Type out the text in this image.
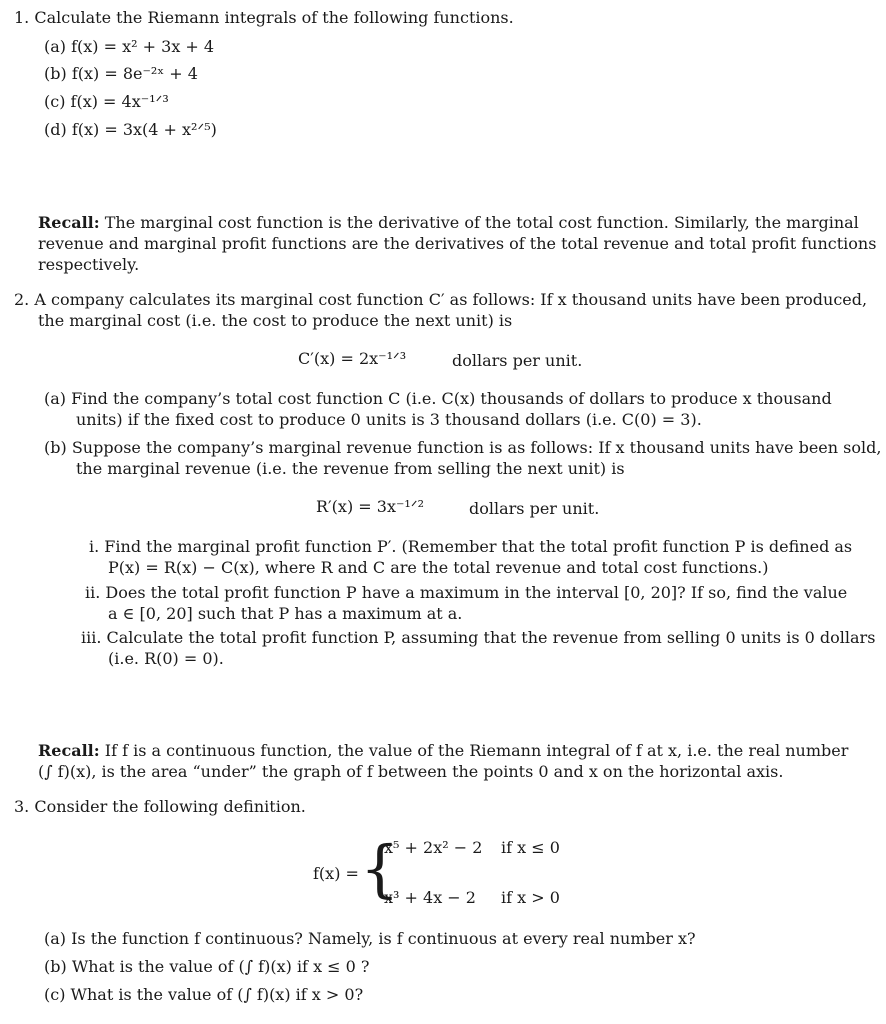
1. Calculate the Riemann integrals of the following functions.
(a) f(x) = x² + 3x + 4
(b) f(x) = 8e⁻²ˣ + 4
(c) f(x) = 4x⁻¹ᐟ³
(d) f(x) = 3x(4 + x²ᐟ⁵)
Recall: The marginal cost function is the derivative of the total cost function. Similarly, the marginal
revenue and marginal profit functions are the derivatives of the total revenue and total profit functions
respectively.
2. A company calculates its marginal cost function C′ as follows: If x thousand units have been produced,
the marginal cost (i.e. the cost to produce the next unit) is
C′(x) = 2x⁻¹ᐟ³	dollars per unit.
(a) Find the company’s total cost function C (i.e. C(x) thousands of dollars to produce x thousand
units) if the fixed cost to produce 0 units is 3 thousand dollars (i.e. C(0) = 3).
(b) Suppose the company’s marginal revenue function is as follows: If x thousand units have been sold,
the marginal revenue (i.e. the revenue from selling the next unit) is
R′(x) = 3x⁻¹ᐟ²	dollars per unit.
i. Find the marginal profit function P′. (Remember that the total profit function P is defined as
P(x) = R(x) − C(x), where R and C are the total revenue and total cost functions.)
ii. Does the total profit function P have a maximum in the interval [0, 20]? If so, find the value
a ∈ [0, 20] such that P has a maximum at a.
iii. Calculate the total profit function P, assuming that the revenue from selling 0 units is 0 dollars
(i.e. R(0) = 0).
Recall: If f is a continuous function, the value of the Riemann integral of f at x, i.e. the real number
(∫ f)(x), is the area “under” the graph of f between the points 0 and x on the horizontal axis.
3. Consider the following definition.
f(x) = {
x⁵ + 2x² − 2 if x ≤ 0
x³ + 4x − 2 if x > 0
(a) Is the function f continuous? Namely, is f continuous at every real number x?
(b) What is the value of (∫ f)(x) if x ≤ 0 ?
(c) What is the value of (∫ f)(x) if x > 0?
